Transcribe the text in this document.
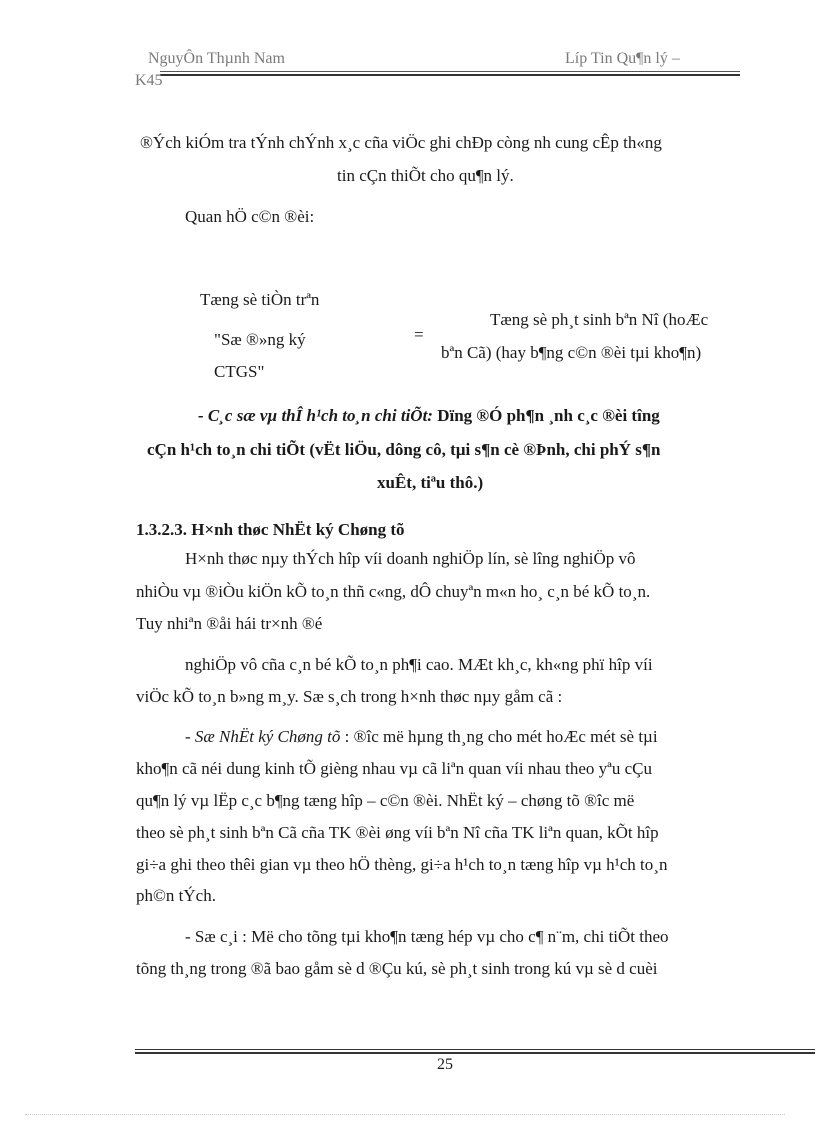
NguyÔn Thµnh Nam	Líp Tin Qu¶n lý –
K45
®Ých kiÓm tra tÝnh chÝnh x¸c cña viÖc ghi chÐp còng nh cung cÊp th«ng
tin cÇn thiÕt cho qu¶n lý.
Quan hÖ c©n ®èi:
Tæng sè tiÒn trªn
"Sæ ®»ng ký
CTGS"
=
Tæng sè ph¸t sinh bªn Nî (hoÆc
bªn Cã) (hay b¶ng c©n ®èi tµi kho¶n)
- C¸c sæ vµ thÎ h¹ch to¸n chi tiÕt: Dïng ®Ó ph¶n ¸nh c¸c ®èi tîng
cÇn h¹ch to¸n chi tiÕt (vËt liÖu, dông cô, tµi s¶n cè ®Þnh, chi phÝ s¶n
xuÊt, tiªu thô.)
1.3.2.3. H×nh thøc NhËt ký Chøng tõ
H×nh thøc nµy thÝch hîp víi doanh nghiÖp lín, sè lîng nghiÖp vô
nhiÒu vµ ®iÒu kiÖn kÕ to¸n thñ c«ng, dÔ chuyªn m«n ho¸ c¸n bé kÕ to¸n.
Tuy nhiªn ®åi hái tr×nh ®é
nghiÖp vô cña c¸n bé kÕ to¸n ph¶i cao. MÆt kh¸c, kh«ng phï hîp víi
viÖc kÕ to¸n b»ng m¸y. Sæ s¸ch trong h×nh thøc nµy gåm cã :
- Sæ NhËt ký Chøng tõ : ®îc më hµng th¸ng cho mét hoÆc mét sè tµi
kho¶n cã néi dung kinh tÕ gièng nhau vµ cã liªn quan víi nhau theo yªu cÇu
qu¶n lý vµ lËp c¸c b¶ng tæng hîp – c©n ®èi. NhËt ký – chøng tõ ®îc më
theo sè ph¸t sinh bªn Cã cña TK ®èi øng víi bªn Nî cña TK liªn quan, kÕt hîp
gi÷a ghi theo thêi gian vµ theo hÖ thèng, gi÷a h¹ch to¸n tæng hîp vµ h¹ch to¸n
ph©n tÝch.
- Sæ c¸i : Më cho tõng tµi kho¶n tæng hép vµ cho c¶ n¨m, chi tiÕt theo
tõng th¸ng trong ®ã bao gåm sè d ®Çu kú, sè ph¸t sinh trong kú vµ sè d cuèi
25
